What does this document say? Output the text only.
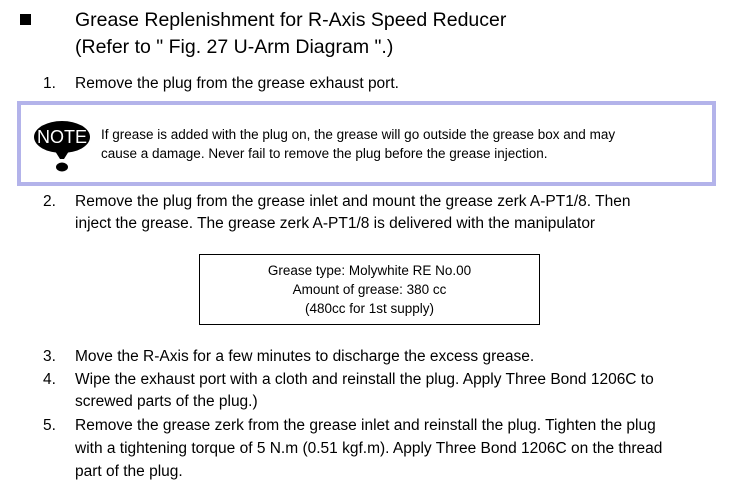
Grease Replenishment for R-Axis Speed Reducer
(Refer to " Fig. 27 U-Arm Diagram ".)
1. Remove the plug from the grease exhaust port.
NOTE If grease is added with the plug on, the grease will go outside the grease box and may
cause a damage. Never fail to remove the plug before the grease injection.
2. Remove the plug from the grease inlet and mount the grease zerk A-PT1/8. Then
inject the grease. The grease zerk A-PT1/8 is delivered with the manipulator
Grease type: Molywhite RE No.00
Amount of grease: 380 cc
(480cc for 1st supply)
3. Move the R-Axis for a few minutes to discharge the excess grease.
4. Wipe the exhaust port with a cloth and reinstall the plug. Apply Three Bond 1206C to
screwed parts of the plug.)
5. Remove the grease zerk from the grease inlet and reinstall the plug. Tighten the plug
with a tightening torque of 5 N.m (0.51 kgf.m). Apply Three Bond 1206C on the thread
part of the plug.
